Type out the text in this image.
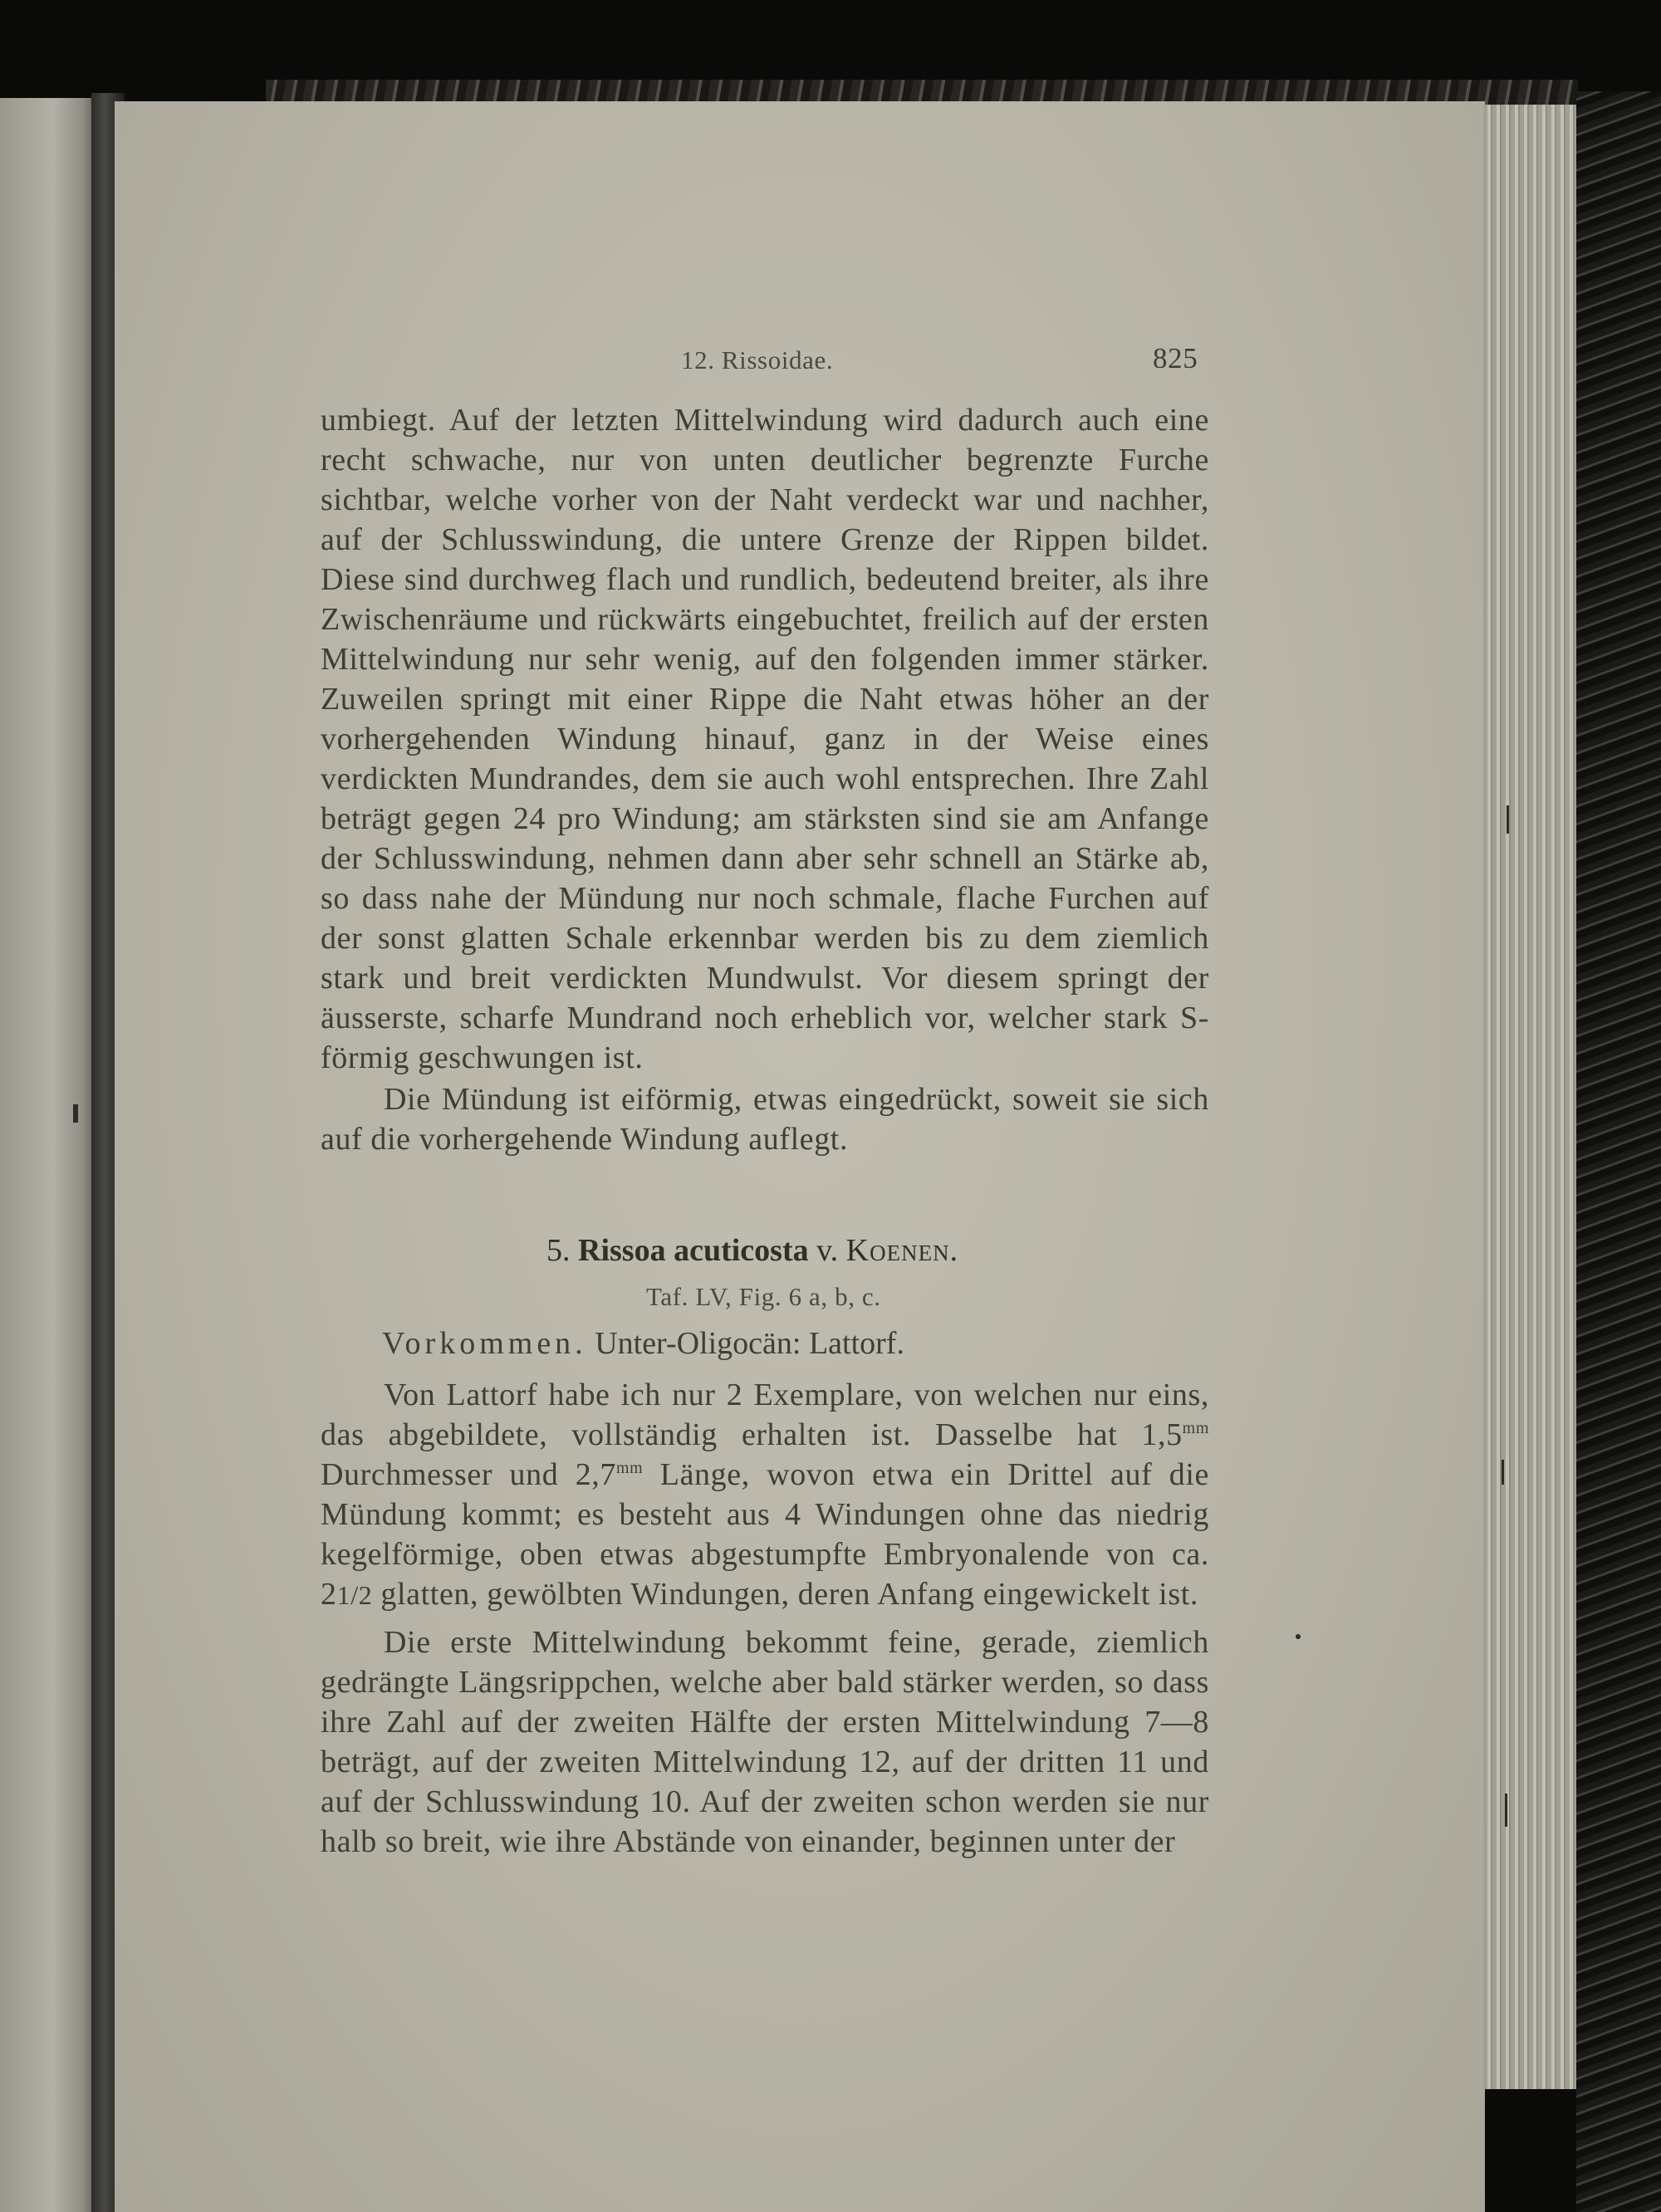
12. Rissoidae.	825

umbiegt. Auf der letzten Mittelwindung wird dadurch auch eine recht schwache, nur von unten deutlicher begrenzte Furche sichtbar, welche vorher von der Naht verdeckt war und nachher, auf der Schlusswindung, die untere Grenze der Rippen bildet. Diese sind durchweg flach und rundlich, bedeutend breiter, als ihre Zwischenräume und rückwärts eingebuchtet, freilich auf der ersten Mittelwindung nur sehr wenig, auf den folgenden immer stärker. Zuweilen springt mit einer Rippe die Naht etwas höher an der vorhergehenden Windung hinauf, ganz in der Weise eines verdickten Mundrandes, dem sie auch wohl entsprechen. Ihre Zahl beträgt gegen 24 pro Windung; am stärksten sind sie am Anfange der Schlusswindung, nehmen dann aber sehr schnell an Stärke ab, so dass nahe der Mündung nur noch schmale, flache Furchen auf der sonst glatten Schale erkennbar werden bis zu dem ziemlich stark und breit verdickten Mundwulst. Vor diesem springt der äusserste, scharfe Mundrand noch erheblich vor, welcher stark S-förmig geschwungen ist.

Die Mündung ist eiförmig, etwas eingedrückt, soweit sie sich auf die vorhergehende Windung auflegt.

5. Rissoa acuticosta v. Koenen.
Taf. LV, Fig. 6 a, b, c.
Vorkommen. Unter-Oligocän: Lattorf.

Von Lattorf habe ich nur 2 Exemplare, von welchen nur eins, das abgebildete, vollständig erhalten ist. Dasselbe hat $1,5^{mm}$ Durchmesser und $2,7^{mm}$ Länge, wovon etwa ein Drittel auf die Mündung kommt; es besteht aus 4 Windungen ohne das niedrig kegelförmige, oben etwas abgestumpfte Embryonalende von ca. 21/2 glatten, gewölbten Windungen, deren Anfang eingewickelt ist.

Die erste Mittelwindung bekommt feine, gerade, ziemlich gedrängte Längsrippchen, welche aber bald stärker werden, so dass ihre Zahl auf der zweiten Hälfte der ersten Mittelwindung 7—8 beträgt, auf der zweiten Mittelwindung 12, auf der dritten 11 und auf der Schlusswindung 10. Auf der zweiten schon werden sie nur halb so breit, wie ihre Abstände von einander, beginnen unter der
